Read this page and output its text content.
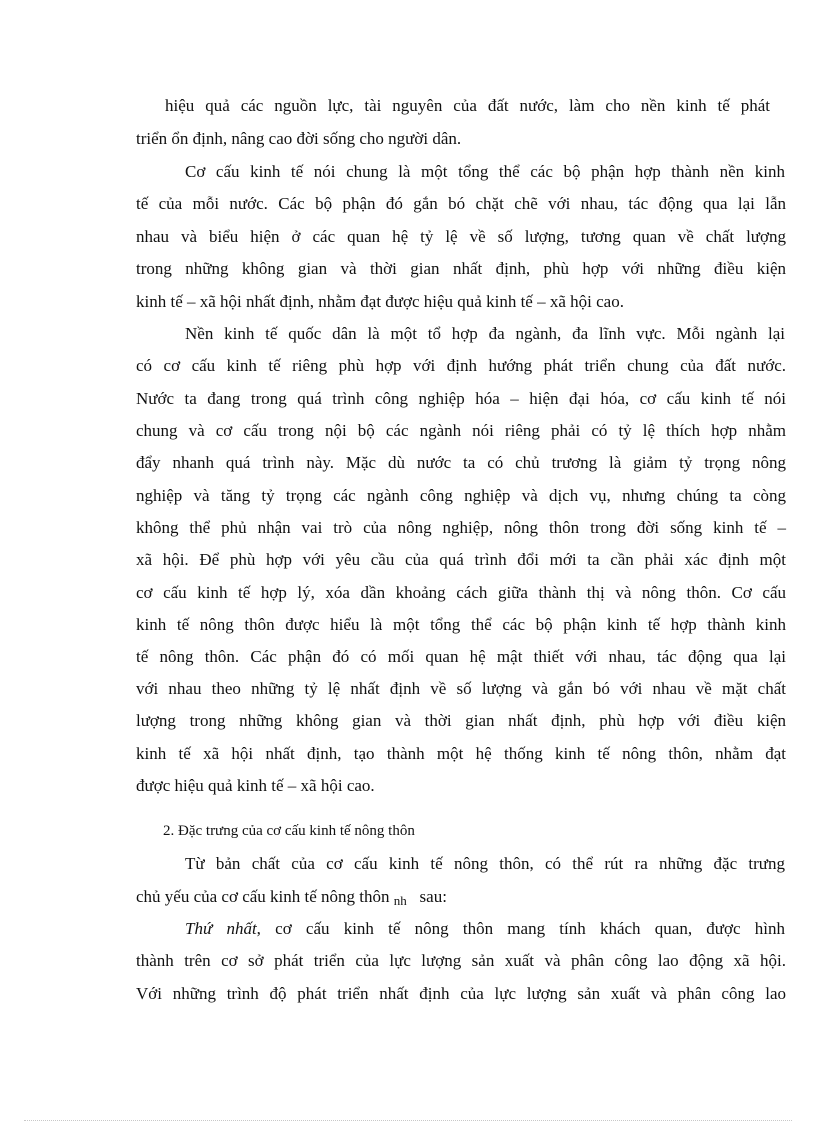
hiệu quả các nguồn lực, tài nguyên của đất nước, làm cho nền kinh tế phát
triển ổn định, nâng cao đời sống cho người dân.
Cơ cấu kinh tế nói chung là một tổng thể các bộ phận hợp thành nền kinh
tế của mỗi nước. Các bộ phận đó gắn bó chặt chẽ với nhau, tác động qua lại lẫn
nhau và biểu hiện ở các quan hệ tỷ lệ về số lượng, tương quan về chất lượng
trong những không gian và thời gian nhất định, phù hợp với những điều kiện
kinh tế – xã hội nhất định, nhằm đạt được hiệu quả kinh tế – xã hội cao.
Nền kinh tế quốc dân là một tổ hợp đa ngành, đa lĩnh vực. Mỗi ngành lại
có cơ cấu kinh tế riêng phù hợp với định hướng phát triển chung của đất nước.
Nước ta đang trong quá trình công nghiệp hóa – hiện đại hóa, cơ cấu kinh tế nói
chung và cơ cấu trong nội bộ các ngành nói riêng phải có tỷ lệ thích hợp nhằm
đẩy nhanh quá trình này. Mặc dù nước ta có chủ trương là giảm tỷ trọng nông
nghiệp và tăng tỷ trọng các ngành công nghiệp và dịch vụ, nhưng chúng ta còng
không thể phủ nhận vai trò của nông nghiệp, nông thôn trong đời sống kinh tế –
xã hội. Để phù hợp với yêu cầu của quá trình đổi mới ta cần phải xác định một
cơ cấu kinh tế hợp lý, xóa dần khoảng cách giữa thành thị và nông thôn. Cơ cấu
kinh tế nông thôn được hiểu là một tổng thể các bộ phận kinh tế hợp thành kinh
tế nông thôn. Các phận đó có mối quan hệ mật thiết với nhau, tác động qua lại
với nhau theo những tỷ lệ nhất định về số lượng và gắn bó với nhau về mặt chất
lượng trong những không gian và thời gian nhất định, phù hợp với điều kiện
kinh tế xã hội nhất định, tạo thành một hệ thống kinh tế nông thôn, nhằm đạt
được hiệu quả kinh tế – xã hội cao.
2. Đặc trưng của cơ cấu kinh tế nông thôn
Từ bản chất của cơ cấu kinh tế nông thôn, có thể rút ra những đặc trưng
chủ yếu của cơ cấu kinh tế nông thôn nh sau:
Thứ nhất, cơ cấu kinh tế nông thôn mang tính khách quan, được hình
thành trên cơ sở phát triển của lực lượng sản xuất và phân công lao động xã hội.
Với những trình độ phát triển nhất định của lực lượng sản xuất và phân công lao
